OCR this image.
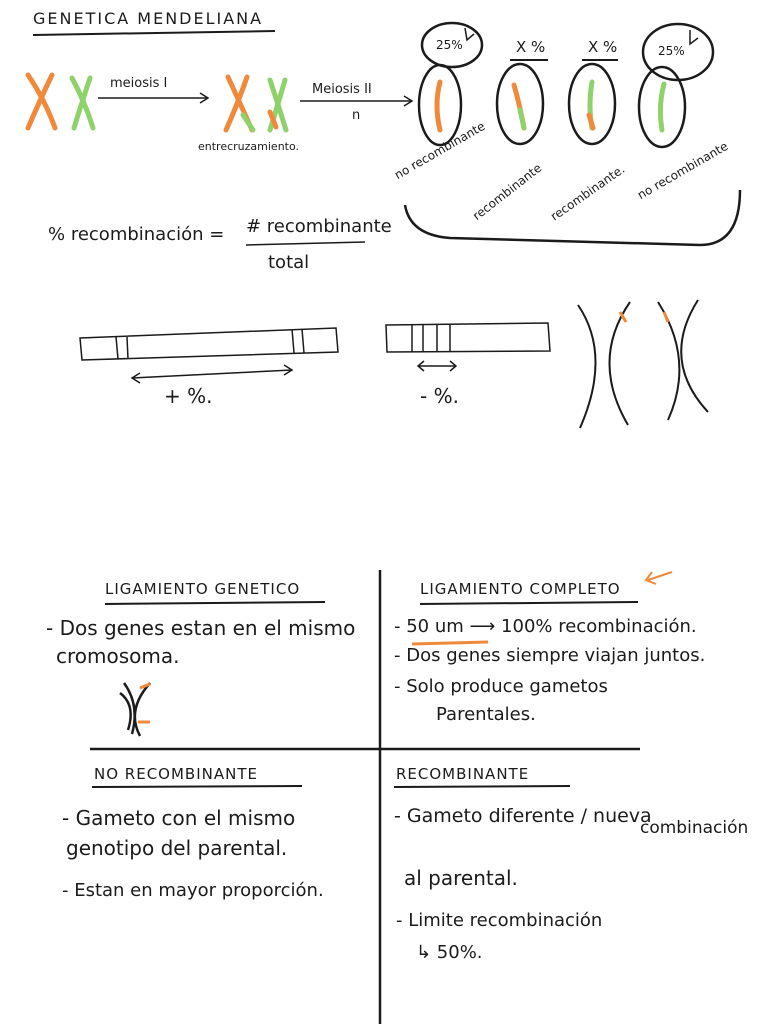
GENETICA MENDELIANA
meiosis I	Meiosis II
n
entrecruzamiento.
25%	X %	X %	25%
no recombinante
recombinante recombinante. no recombinante
% recombinación = # recombinante
total
+ %.	- %.
LIGAMIENTO GENETICO
- Dos genes estan en el mismo
cromosoma.
LIGAMIENTO COMPLETO
- 50 um ⟶ 100% recombinación.
- Dos genes siempre viajan juntos.
- Solo produce gametos
Parentales.
NO RECOMBINANTE
- Gameto con el mismo
genotipo del parental.
- Estan en mayor proporción.
RECOMBINANTE
- Gameto diferente / nueva
combinación
al parental.
- Limite recombinación
↳ 50%.
